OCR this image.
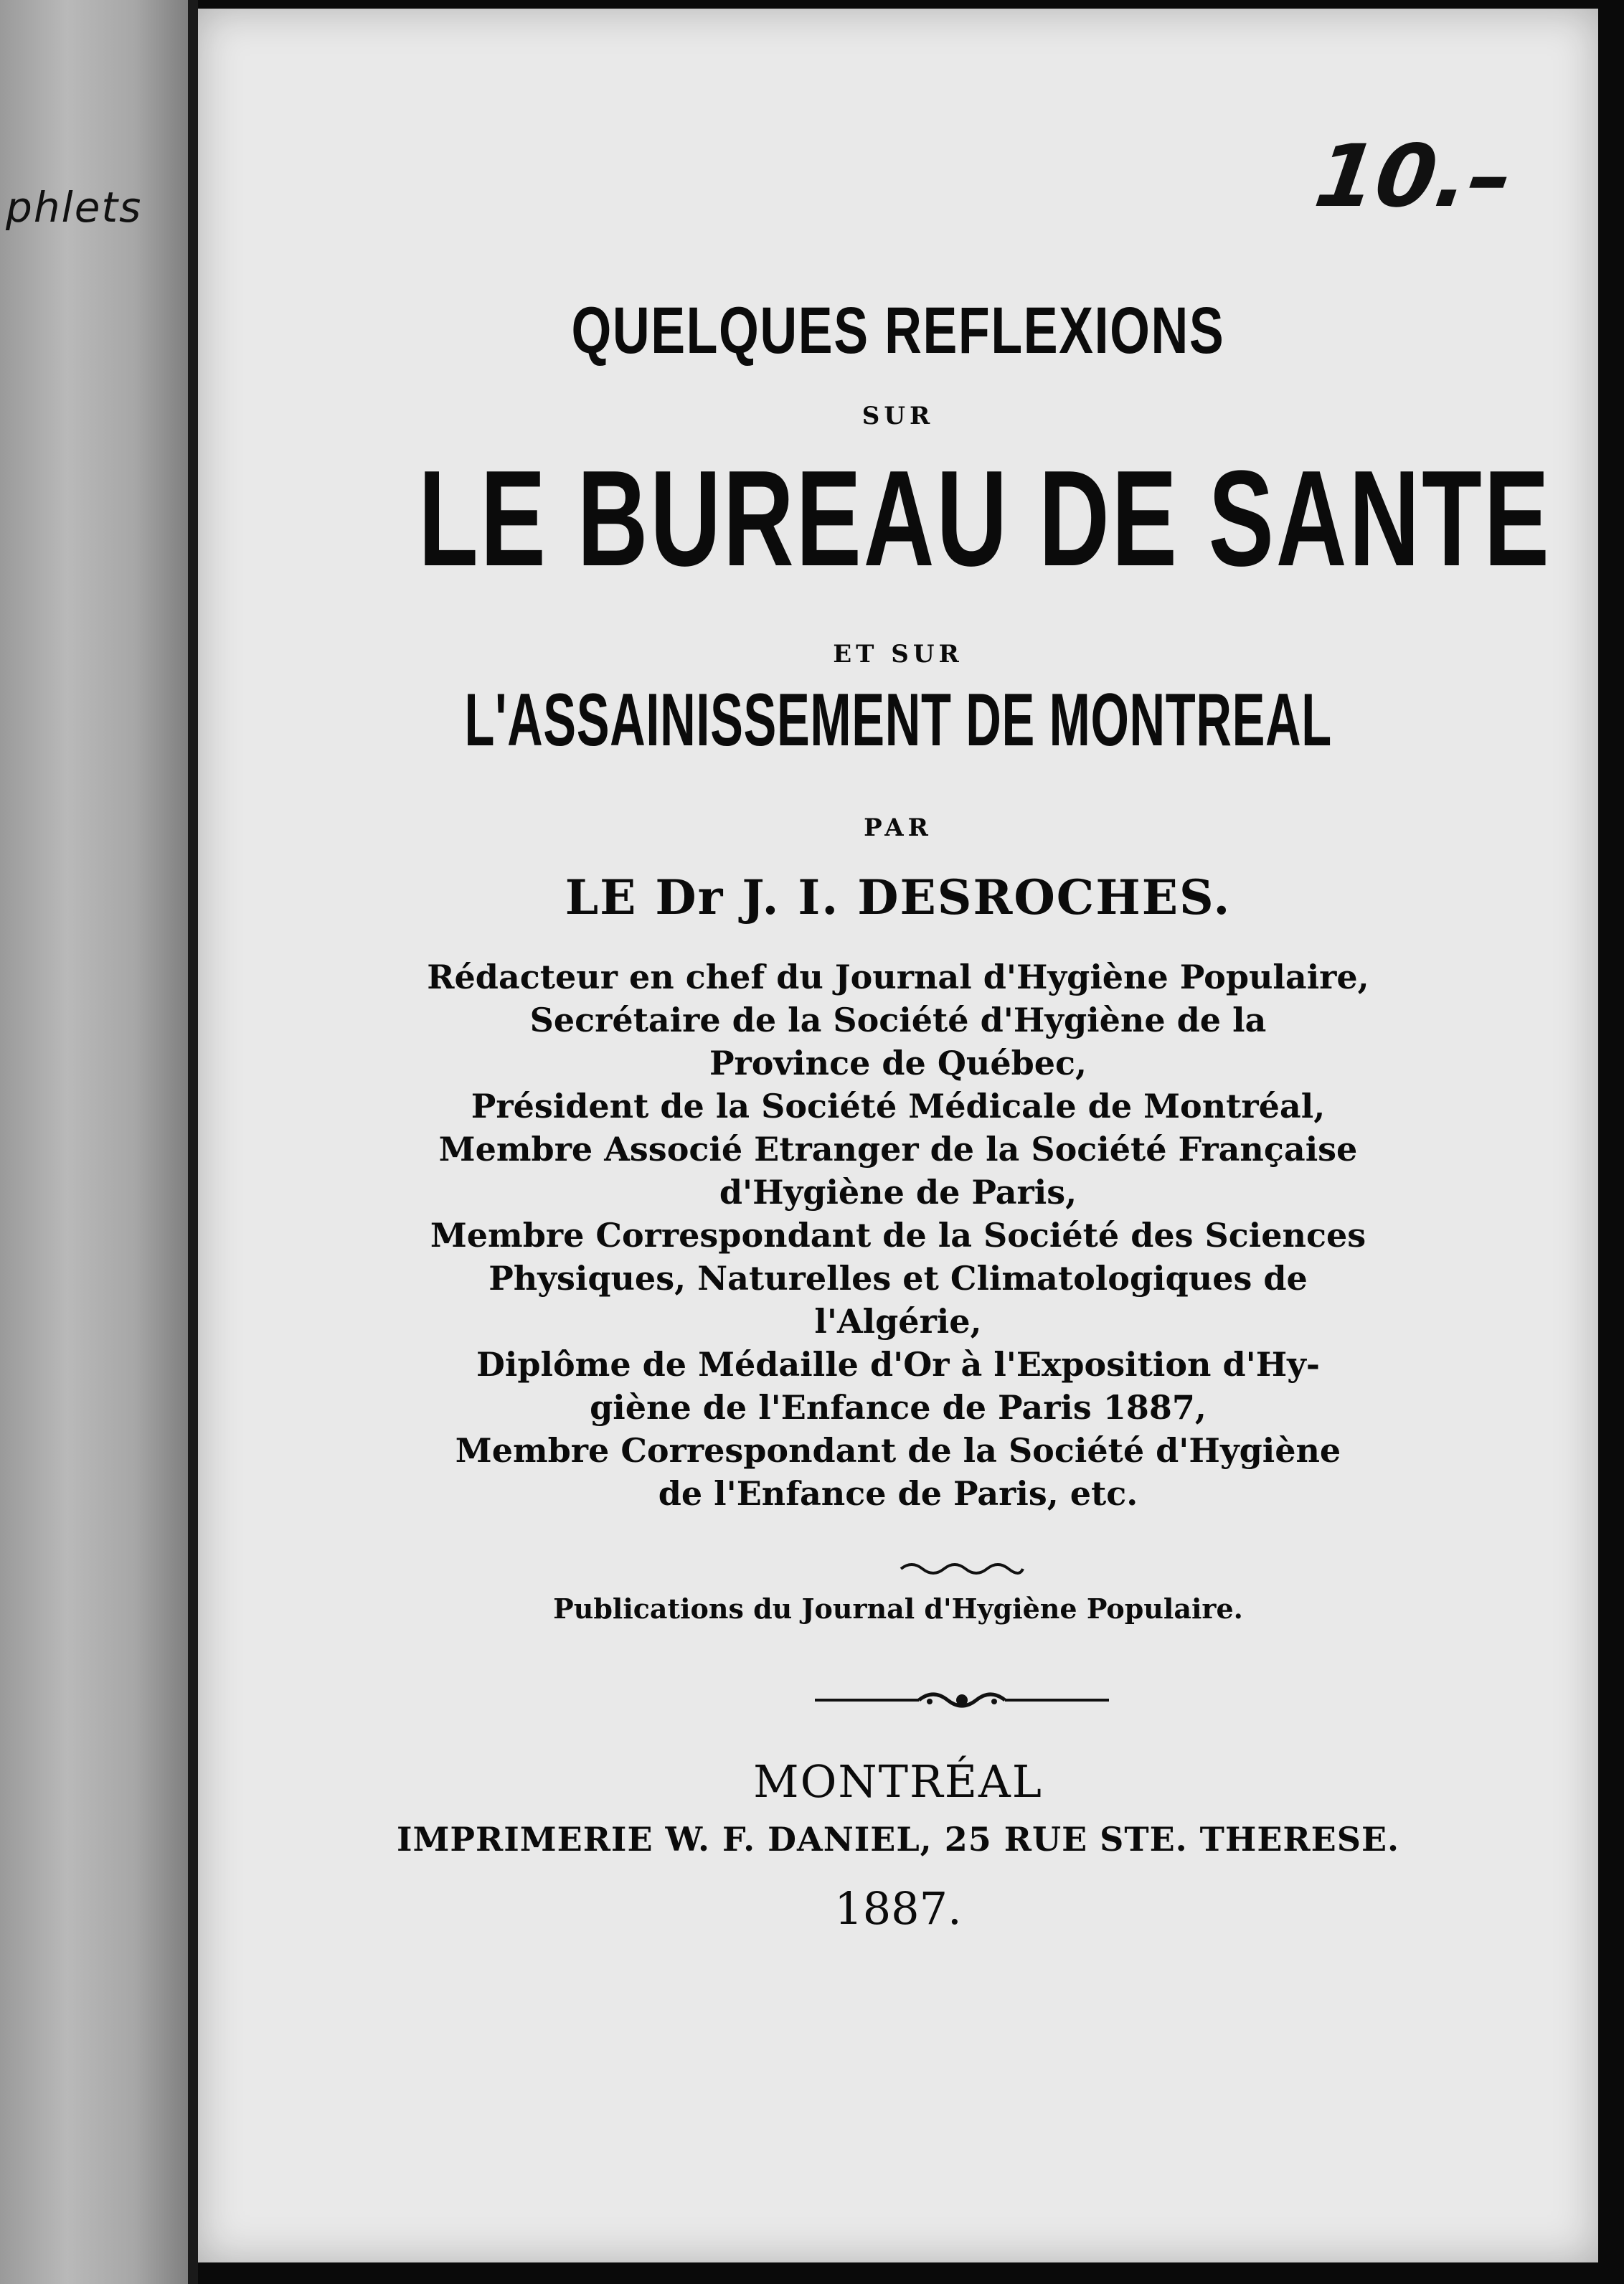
phlets	10.–

QUELQUES REFLEXIONS

SUR

LE BUREAU DE SANTE

ET SUR

L'ASSAINISSEMENT DE MONTREAL

PAR

LE Dr J. I. DESROCHES.

Rédacteur en chef du Journal d'Hygiène Populaire,
Secrétaire de la Société d'Hygiène de la
Province de Québec,
Président de la Société Médicale de Montréal,
Membre Associé Etranger de la Société Française
d'Hygiène de Paris,
Membre Correspondant de la Société des Sciences
Physiques, Naturelles et Climatologiques de
l'Algérie,
Diplôme de Médaille d'Or à l'Exposition d'Hy-
giène de l'Enfance de Paris 1887,
Membre Correspondant de la Société d'Hygiène
de l'Enfance de Paris, etc.

Publications du Journal d'Hygiène Populaire.

MONTRÉAL

IMPRIMERIE W. F. DANIEL, 25 RUE STE. THERESE.

1887.
